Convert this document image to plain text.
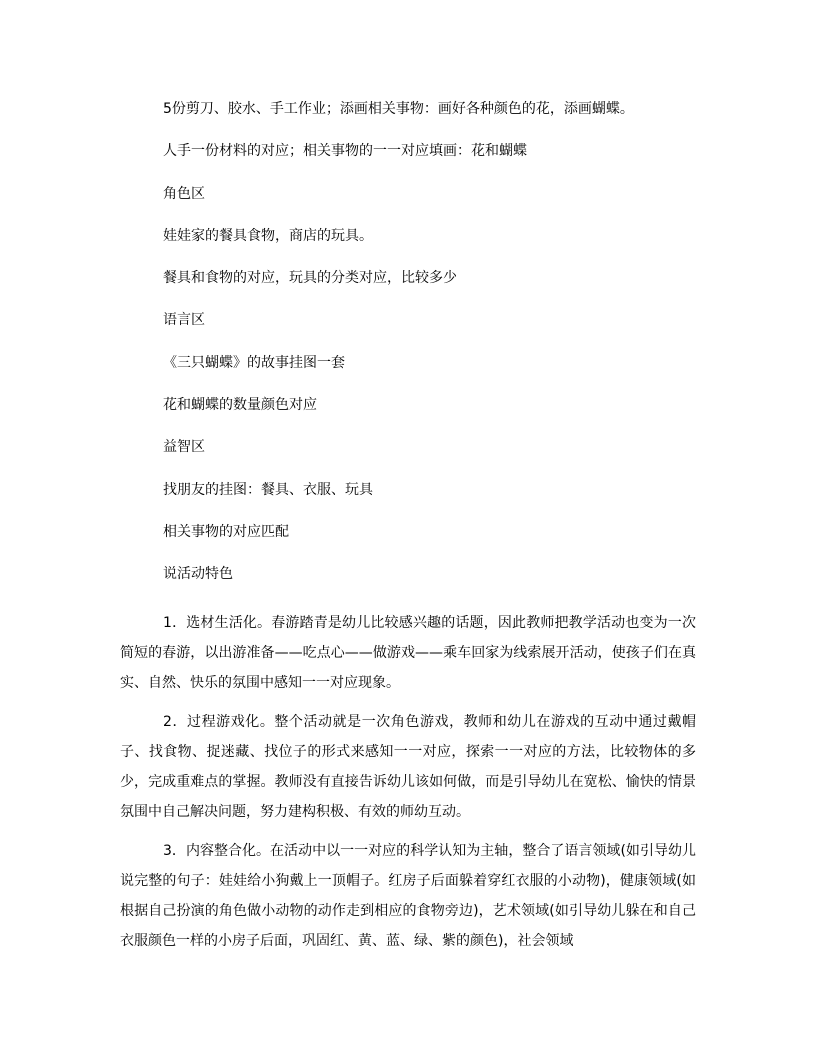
5份剪刀、胶水、手工作业；添画相关事物：画好各种颜色的花，添画蝴蝶。
人手一份材料的对应；相关事物的一一对应填画：花和蝴蝶
角色区
娃娃家的餐具食物，商店的玩具。
餐具和食物的对应，玩具的分类对应，比较多少
语言区
《三只蝴蝶》的故事挂图一套
花和蝴蝶的数量颜色对应
益智区
找朋友的挂图：餐具、衣服、玩具
相关事物的对应匹配
说活动特色

1．选材生活化。春游踏青是幼儿比较感兴趣的话题，因此教师把教学活动也变为一次简短的春游，以出游准备——吃点心——做游戏——乘车回家为线索展开活动，使孩子们在真实、自然、快乐的氛围中感知一一对应现象。

2．过程游戏化。整个活动就是一次角色游戏，教师和幼儿在游戏的互动中通过戴帽子、找食物、捉迷藏、找位子的形式来感知一一对应，探索一一对应的方法，比较物体的多少，完成重难点的掌握。教师没有直接告诉幼儿该如何做，而是引导幼儿在宽松、愉快的情景氛围中自己解决问题，努力建构积极、有效的师幼互动。

3．内容整合化。在活动中以一一对应的科学认知为主轴，整合了语言领域(如引导幼儿说完整的句子：娃娃给小狗戴上一顶帽子。红房子后面躲着穿红衣服的小动物)，健康领域(如根据自己扮演的角色做小动物的动作走到相应的食物旁边)，艺术领域(如引导幼儿躲在和自己衣服颜色一样的小房子后面，巩固红、黄、蓝、绿、紫的颜色)，社会领域
